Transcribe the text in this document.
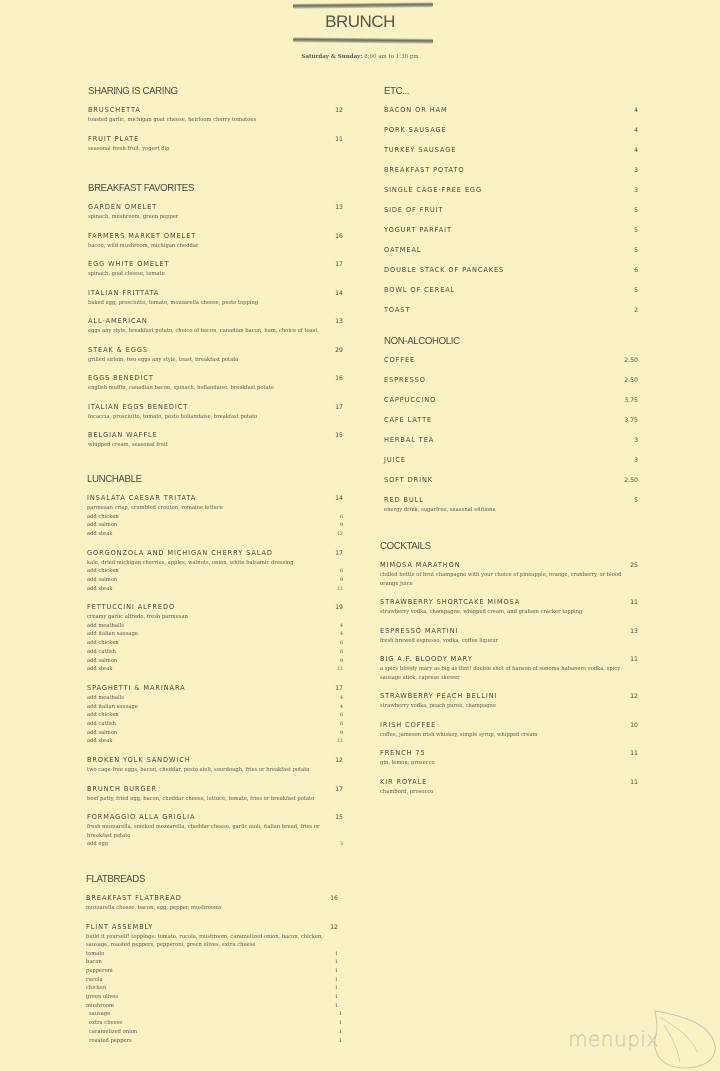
BRUNCH
Saturday & Sunday: 8:00 am to 1:30 pm
SHARING IS CARING
BRUSCHETTA	12
toasted garlic, michigan goat cheese, heirloom cherry tomatoes
FRUIT PLATE	11
seasonal fresh fruit, yogurt dip
BREAKFAST FAVORITES
GARDEN OMELET	13
spinach, mushroom, green pepper
FARMERS MARKET OMELET	16
bacon, wild mushroom, michigan cheddar
EGG WHITE OMELET	17
spinach, goat cheese, tomato
ITALIAN FRITTATA	14
baked egg, prosciutto, tomato, mozzarella cheese, pesto topping
ALL-AMERICAN	13
eggs any style, breakfast potato, choice of bacon, canadian bacon, ham, choice of toast
STEAK & EGGS	29
grilled sirloin, two eggs any style, toast, breakfast potato
EGGS BENEDICT	16
english muffin, canadian bacon, spinach, hollandaise, breakfast potato
ITALIAN EGGS BENEDICT	17
focaccia, prosciutto, tomato, pesto hollandaise, breakfast potato
BELGIAN WAFFLE	15
whipped cream, seasonal fruit
LUNCHABLE
INSALATA CAESAR TRITATA	14
parmesan crisp, crumbled crouton, romaine lettuce
add chicken	6
add salmon	9
add steak	12
GORGONZOLA AND MICHIGAN CHERRY SALAD	17
kale, dried michigan cherries, apples, walnuts, onion, white balsamic dressing
add chicken	6
add salmon	9
add steak	12
FETTUCCINI ALFREDO	19
creamy garlic alfredo, fresh parmesan
add meatballs	4
add italian sausage	4
add chicken	6
add catfish	6
add salmon	9
add steak	12
SPAGHETTI & MARINARA	17
add meatballs	4
add italian sausage	4
add chicken	6
add catfish	6
add salmon	9
add steak	12
BROKEN YOLK SANDWICH	12
two cage-free eggs, bacon, cheddar, pesto aioli, sourdough, fries or breakfast potato
BRUNCH BURGER	17
beef patty, fried egg, bacon, cheddar cheese, lettuce, tomato, fries or breakfast potato
FORMAGGIO ALLA GRIGLIA	15
fresh mozzarella, smoked mozzarella, cheddar cheese, garlic aioli, italian bread, fries or breakfast potato
add egg	3
FLATBREADS
BREAKFAST FLATBREAD	16
mozzarella cheese, bacon, egg, pepper, mushrooms
FLINT ASSEMBLY	12
build it yourself! toppings: tomato, rucola, mushroom, caramelized onion, bacon, chicken, sausage, roasted peppers, pepperoni, green olives, extra cheese
tomato	1
bacon	1
pepperoni	1
rucola	1
chicken	1
green olives	1
mushroom	1
sausage	1
extra cheese	1
caramelized onion	1
roasted peppers	1
ETC...
BACON OR HAM	4
PORK SAUSAGE	4
TURKEY SAUSAGE	4
BREAKFAST POTATO	3
SINGLE CAGE-FREE EGG	3
SIDE OF FRUIT	5
YOGURT PARFAIT	5
OATMEAL	5
DOUBLE STACK OF PANCAKES	6
BOWL OF CEREAL	5
TOAST	2
NON-ALCOHOLIC
COFFEE	2.50
ESPRESSO	2.50
CAPPUCCINO	3.75
CAFE LATTE	3.75
HERBAL TEA	3
JUICE	3
SOFT DRINK	2.50
RED BULL	5
energy drink, sugarfree, seasonal editions
COCKTAILS
MIMOSA MARATHON	25
chilled bottle of brut champagne with your choice of pineapple, orange, cranberry, or blood orange juice
STRAWBERRY SHORTCAKE MIMOSA	11
strawberry vodka, champagne, whipped cream, and graham cracker topping
ESPRESSO MARTINI	13
fresh brewed espresso, vodka, coffee liqueur
BIG A.F. BLOODY MARY	11
a spicy bloody mary as big as flint! double shot of hanson of sonoma habanero vodka, spicy sausage stick, caprese skewer
STRAWBERRY PEACH BELLINI	12
strawberry vodka, peach puree, champagne
IRISH COFFEE	10
coffee, jameson irish whiskey, simple syrup, whipped cream
FRENCH 75	11
gin, lemon, prosecco
KIR ROYALE	11
chambord, prosecco
menupix
